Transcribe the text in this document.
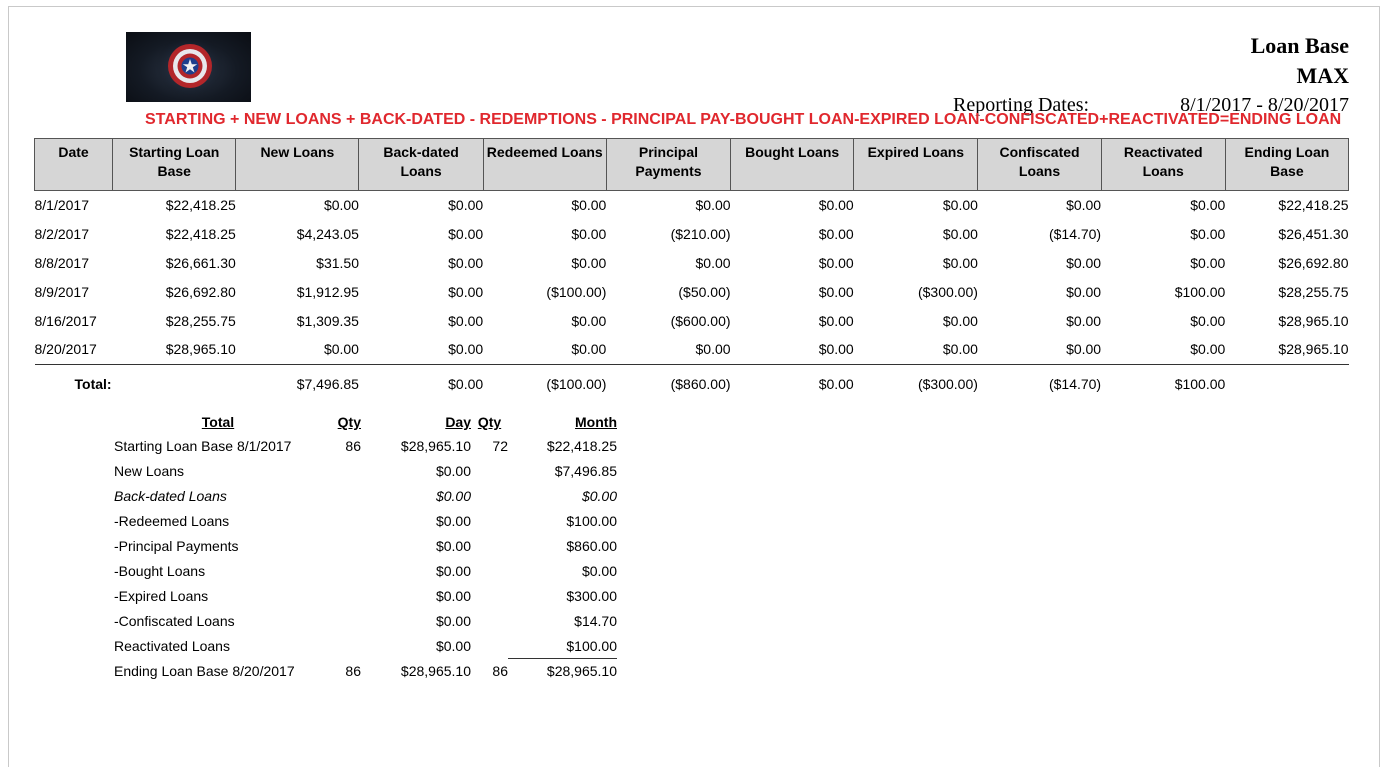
Loan Base
MAX
Reporting Dates:	8/1/2017 - 8/20/2017
STARTING + NEW LOANS + BACK-DATED - REDEMPTIONS - PRINCIPAL PAY-BOUGHT LOAN-EXPIRED LOAN-CONFISCATED+REACTIVATED=ENDING LOAN
Date	Starting Loan Base	New Loans	Back-dated Loans	Redeemed Loans	Principal Payments	Bought Loans	Expired Loans	Confiscated Loans	Reactivated Loans	Ending Loan Base
8/1/2017	$22,418.25	$0.00	$0.00	$0.00	$0.00	$0.00	$0.00	$0.00	$0.00	$22,418.25
8/2/2017	$22,418.25	$4,243.05	$0.00	$0.00	($210.00)	$0.00	$0.00	($14.70)	$0.00	$26,451.30
8/8/2017	$26,661.30	$31.50	$0.00	$0.00	$0.00	$0.00	$0.00	$0.00	$0.00	$26,692.80
8/9/2017	$26,692.80	$1,912.95	$0.00	($100.00)	($50.00)	$0.00	($300.00)	$0.00	$100.00	$28,255.75
8/16/2017	$28,255.75	$1,309.35	$0.00	$0.00	($600.00)	$0.00	$0.00	$0.00	$0.00	$28,965.10
8/20/2017	$28,965.10	$0.00	$0.00	$0.00	$0.00	$0.00	$0.00	$0.00	$0.00	$28,965.10
Total:		$7,496.85	$0.00	($100.00)	($860.00)	$0.00	($300.00)	($14.70)	$100.00	
Total	Qty	Day	Qty	Month
Starting Loan Base 8/1/2017	86	$28,965.10	72	$22,418.25
New Loans		$0.00		$7,496.85
Back-dated Loans		$0.00		$0.00
-Redeemed Loans		$0.00		$100.00
-Principal Payments		$0.00		$860.00
-Bought Loans		$0.00		$0.00
-Expired Loans		$0.00		$300.00
-Confiscated Loans		$0.00		$14.70
Reactivated Loans		$0.00		$100.00
Ending Loan Base 8/20/2017	86	$28,965.10	86	$28,965.10
